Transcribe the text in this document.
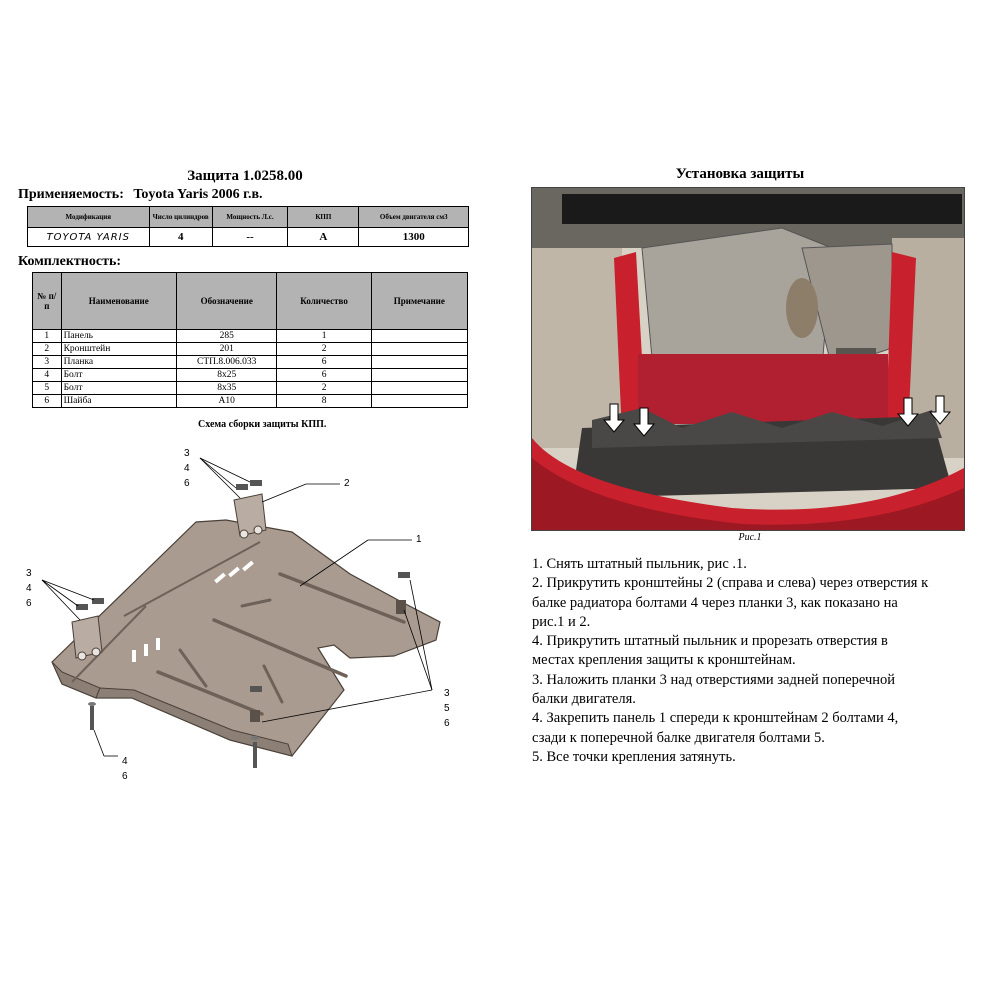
Защита 1.0258.00
Применяемость: Toyota Yaris 2006 г.в.
Модификация	Число цилиндров	Мощность Л.с.	КПП	Объем двигателя см3
TOYOTA YARIS	4	--	A	1300
Комплектность:
№ п/п	Наименование	Обозначение	Количество	Примечание
1	Панель	285	1	
2	Кронштейн	201	2	
3	Планка	СТП.8.006.033	6	
4	Болт	8х25	6	
5	Болт	8х35	2	
6	Шайба	А10	8	
Схема сборки защиты КПП.
3
4
6	2
1
3
4
6
3
5
6
4
6
Установка защиты
Рис.1
1. Снять штатный пыльник, рис .1.
2. Прикрутить кронштейны 2 (справа и слева) через отверстия к
балке радиатора болтами 4 через планки 3, как показано на
рис.1 и 2.
4. Прикрутить штатный пыльник и прорезать отверстия в
местах крепления защиты к кронштейнам.
3. Наложить планки 3 над отверстиями задней поперечной
балки двигателя.
4. Закрепить панель 1 спереди к кронштейнам 2 болтами 4,
сзади к поперечной балке двигателя болтами 5.
5. Все точки крепления затянуть.
